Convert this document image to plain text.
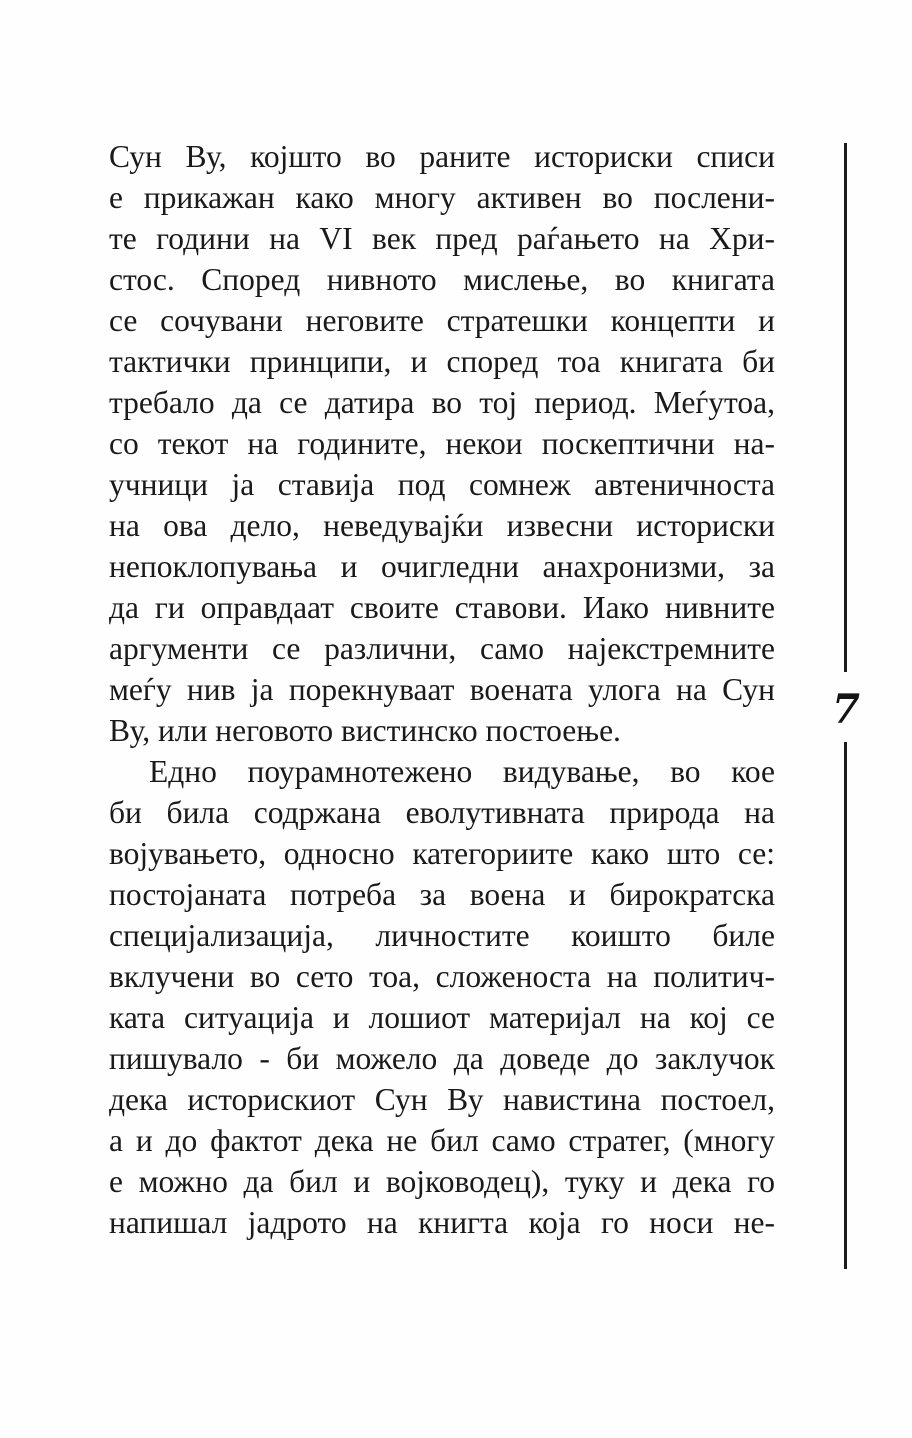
Сун Ву, којшто во раните историски списи
е прикажан како многу активен во послени-
те години на VI век пред раѓањето на Хри-
стос. Според нивното мислење, во книгата
се сочувани неговите стратешки концепти и
тактички принципи, и според тоа книгата би
требало да се датира во тој период. Меѓутоа,
со текот на годините, некои поскептични на-
учници ја ставија под сомнеж автеничноста
на ова дело, неведувајќи извесни историски
непоклопувања и очигледни анахронизми, за
да ги оправдаат своите ставови. Иако нивните
аргументи се различни, само најекстремните
меѓу нив ја порекнуваат воената улога на Сун
Ву, или неговото вистинско постоење.
Едно поурамнотежено видување, во кое
би била содржана еволутивната природа на
војувањето, односно категориите како што се:
постојаната потреба за воена и бирократска
специјализација, личностите коишто биле
вклучени во сето тоа, сложеноста на политич-
ката ситуација и лошиот материјал на кој се
пишувало - би можело да доведе до заклучок
дека историскиот Сун Ву навистина постоел,
а и до фактот дека не бил само стратег, (многу
е можно да бил и војководец), туку и дека го
напишал јадрото на книгта која го носи не-
7
